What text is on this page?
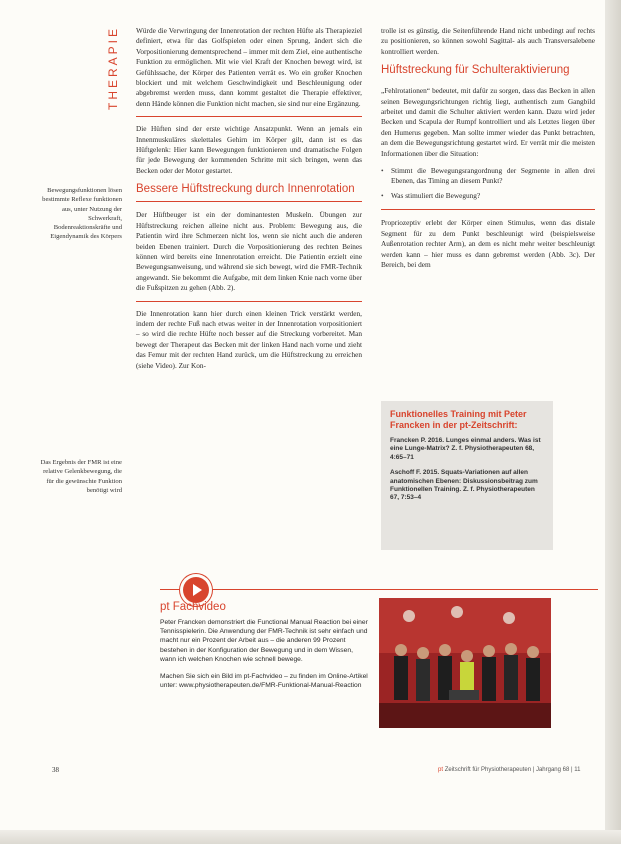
THERAPIE
Bewegungsfunktionen lösen bestimmte Reflexe funktionen aus, unter Nutzung der Schwerkraft, Bodenreaktionskräfte und Eigendynamik des Körpers
Das Ergebnis der FMR ist eine relative Gelenkbewegung, die für die gewünschte Funktion benötigt wird

Würde die Verwringung der Innenrotation der rechten Hüfte als Therapieziel definiert, etwa für das Golfspielen oder einen Sprung, ändert sich die Vorpositionierung dementsprechend – immer mit dem Ziel, eine authentische Funktion zu ermöglichen. Mit wie viel Kraft der Knochen bewegt wird, ist Gefühlssache, der Körper des Patienten verrät es. Wo ein großer Knochen blockiert und mit welchem Geschwindigkeit und Beschleunigung oder abgebremst werden muss, dann kommt gestaltet die Therapie effektiver, denn Hände können die Funktion nicht machen, sie sind nur eine Ergänzung.

Die Hüften sind der erste wichtige Ansatzpunkt. Wenn an jemals ein Innenmuskuläres skelettales Gehirn im Körper gilt, dann ist es das Hüftgelenk: Hier kann Bewegungen funktionieren und dramatische Folgen für jede Bewegung der kommenden Schritte mit sich bringen, wenn das Becken oder der Motor gestartet.

Bessere Hüftstreckung durch Innenrotation

Der Hüftbeuger ist ein der dominantesten Muskeln. Übungen zur Hüftstreckung reichen alleine nicht aus. Problem: Bewegung aus, die Patientin wird ihre Schmerzen nicht los, wenn sie nicht auch die anderen beiden Ebenen trainiert. Durch die Vorpositionierung des rechten Beines können wird bereits eine Innenrotation erreicht. Die Patientin erzielt eine Bewegungsanweisung, und während sie sich bewegt, wird die FMR-Technik angewandt. Sie bekommt die Aufgabe, mit dem linken Knie nach vorne über die Fußspitzen zu gehen (Abb. 2).

Die Innenrotation kann hier durch einen kleinen Trick verstärkt werden, indem der rechte Fuß nach etwas weiter in der Innenrotation vorpositioniert – so wird die rechte Hüfte noch besser auf die Streckung vorbereitet. Man bewegt der Therapeut das Becken mit der linken Hand nach vorne und zieht das Femur mit der rechten Hand zurück, um die Hüftstreckung zu erreichen (siehe Video). Zur Kon-

trolle ist es günstig, die Seitenführende Hand nicht unbedingt auf rechts zu positionieren, so können sowohl Sagittal- als auch Transversalebene kontrolliert werden.

Hüftstreckung für Schulteraktivierung

„Fehlrotationen“ bedeutet, mit dafür zu sorgen, dass das Becken in allen seinen Bewegungsrichtungen richtig liegt, authentisch zum Gangbild arbeitet und damit die Schulter aktiviert werden kann. Dazu wird jeder Becken und Scapula der Rumpf kontrolliert und als Letztes liegen über den Humerus gegeben. Man sollte immer wieder das Punkt betrachten, an dem die Bewegungsrichtung gestartet wird. Er verrät mir die meisten Informationen über die Situation:

• Stimmt die Bewegungsrangordnung der Segmente in allen drei Ebenen, das Timing an diesem Punkt?
• Was stimuliert die Bewegung?

Propriozeptiv erlebt der Körper einen Stimulus, wenn das distale Segment für zu dem Punkt beschleunigt wird (beispielsweise Außenrotation rechter Arm), an dem es nicht mehr weiter beschleunigt werden kann – hier muss es dann gebremst werden (Abb. 3c). Der Bereich, bei dem

Funktionelles Training mit Peter Francken in der pt-Zeitschrift:
Francken P. 2016. Lunges einmal anders. Was ist eine Lunge-Matrix? Z. f. Physiotherapeuten 68, 4:65–71
Aschoff F. 2015. Squats-Variationen auf allen anatomischen Ebenen: Diskussionsbeitrag zum Funktionellen Training. Z. f. Physiotherapeuten 67, 7:53–4
pt Fachvideo

Peter Francken demonstriert die Functional Manual Reaction bei einer Tennisspielerin. Die Anwendung der FMR-Technik ist sehr einfach und macht nur ein Prozent der Arbeit aus – die anderen 99 Prozent bestehen in der Konfiguration der Bewegung und in dem Wissen, wann ich welchen Knochen wie schnell bewege.

Machen Sie sich ein Bild im pt-Fachvideo – zu finden im Online-Artikel unter: www.physiotherapeuten.de/FMR-Funktional-Manual-Reaction

38	pt Zeitschrift für Physiotherapeuten | Jahrgang 68 | 11
